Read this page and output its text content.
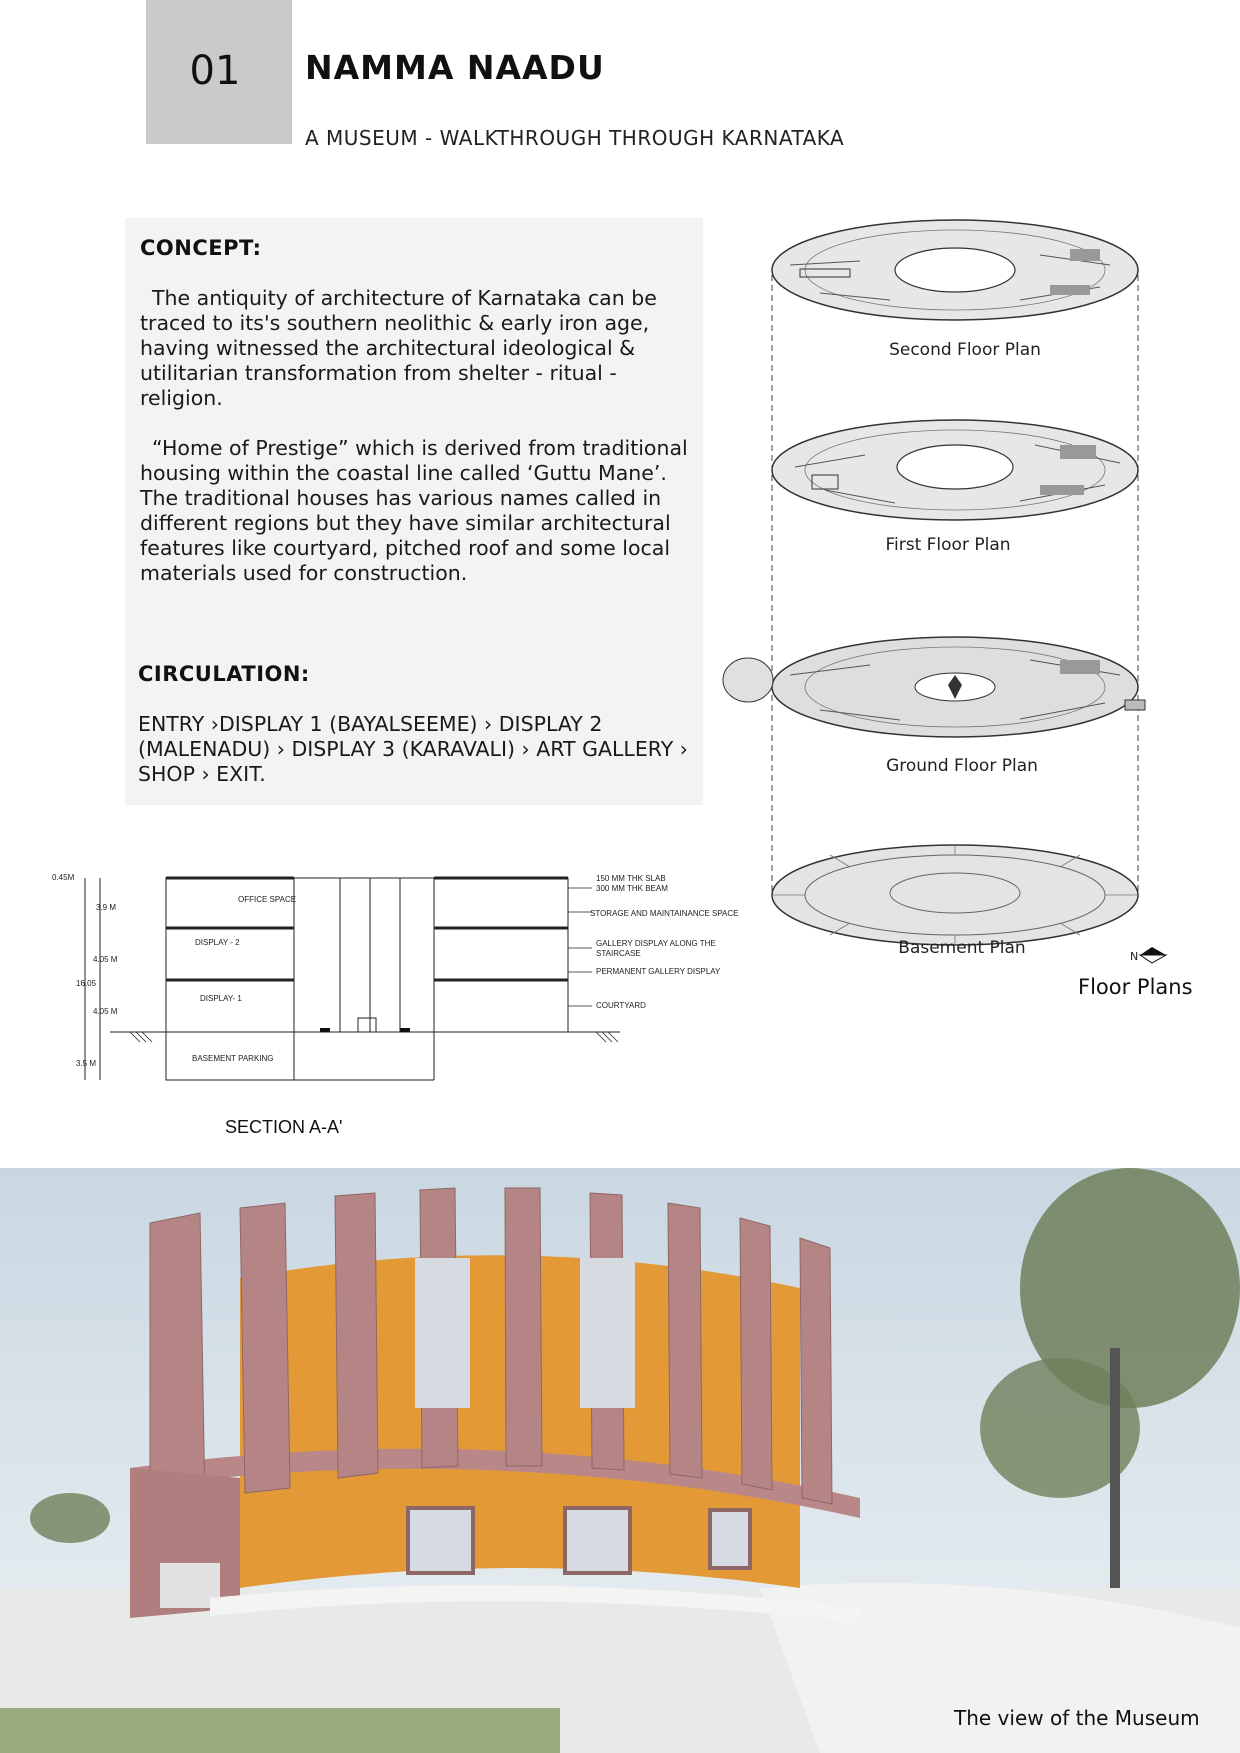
01	NAMMA NAADU
A MUSEUM - WALKTHROUGH THROUGH KARNATAKA
CONCEPT:
The antiquity of architecture of Karnataka can be traced to its's southern neolithic & early iron age, having witnessed the architectural ideological & utilitarian transformation from shelter - ritual - religion.
“Home of Prestige” which is derived from traditional housing within the coastal line called ‘Guttu Mane’. The traditional houses has various names called in different regions but they have similar architectural features like courtyard, pitched roof and some local materials used for construction.
CIRCULATION:
ENTRY ›DISPLAY 1 (BAYALSEEME) › DISPLAY 2 (MALENADU) › DISPLAY 3 (KARAVALI) › ART GALLERY › SHOP › EXIT.
Second Floor Plan
First Floor Plan
Ground Floor Plan
Basement Plan	N
Floor Plans
0.45M
3.9 M
4.05 M
16.05
4.05 M
3.5 M
OFFICE SPACE
DISPLAY - 2
DISPLAY- 1
BASEMENT PARKING
150 MM THK SLAB
300 MM THK BEAM
STORAGE AND MAINTAINANCE SPACE
GALLERY DISPLAY ALONG THE
STAIRCASE
PERMANENT GALLERY DISPLAY
COURTYARD
SECTION A-A'
The view of the Museum
